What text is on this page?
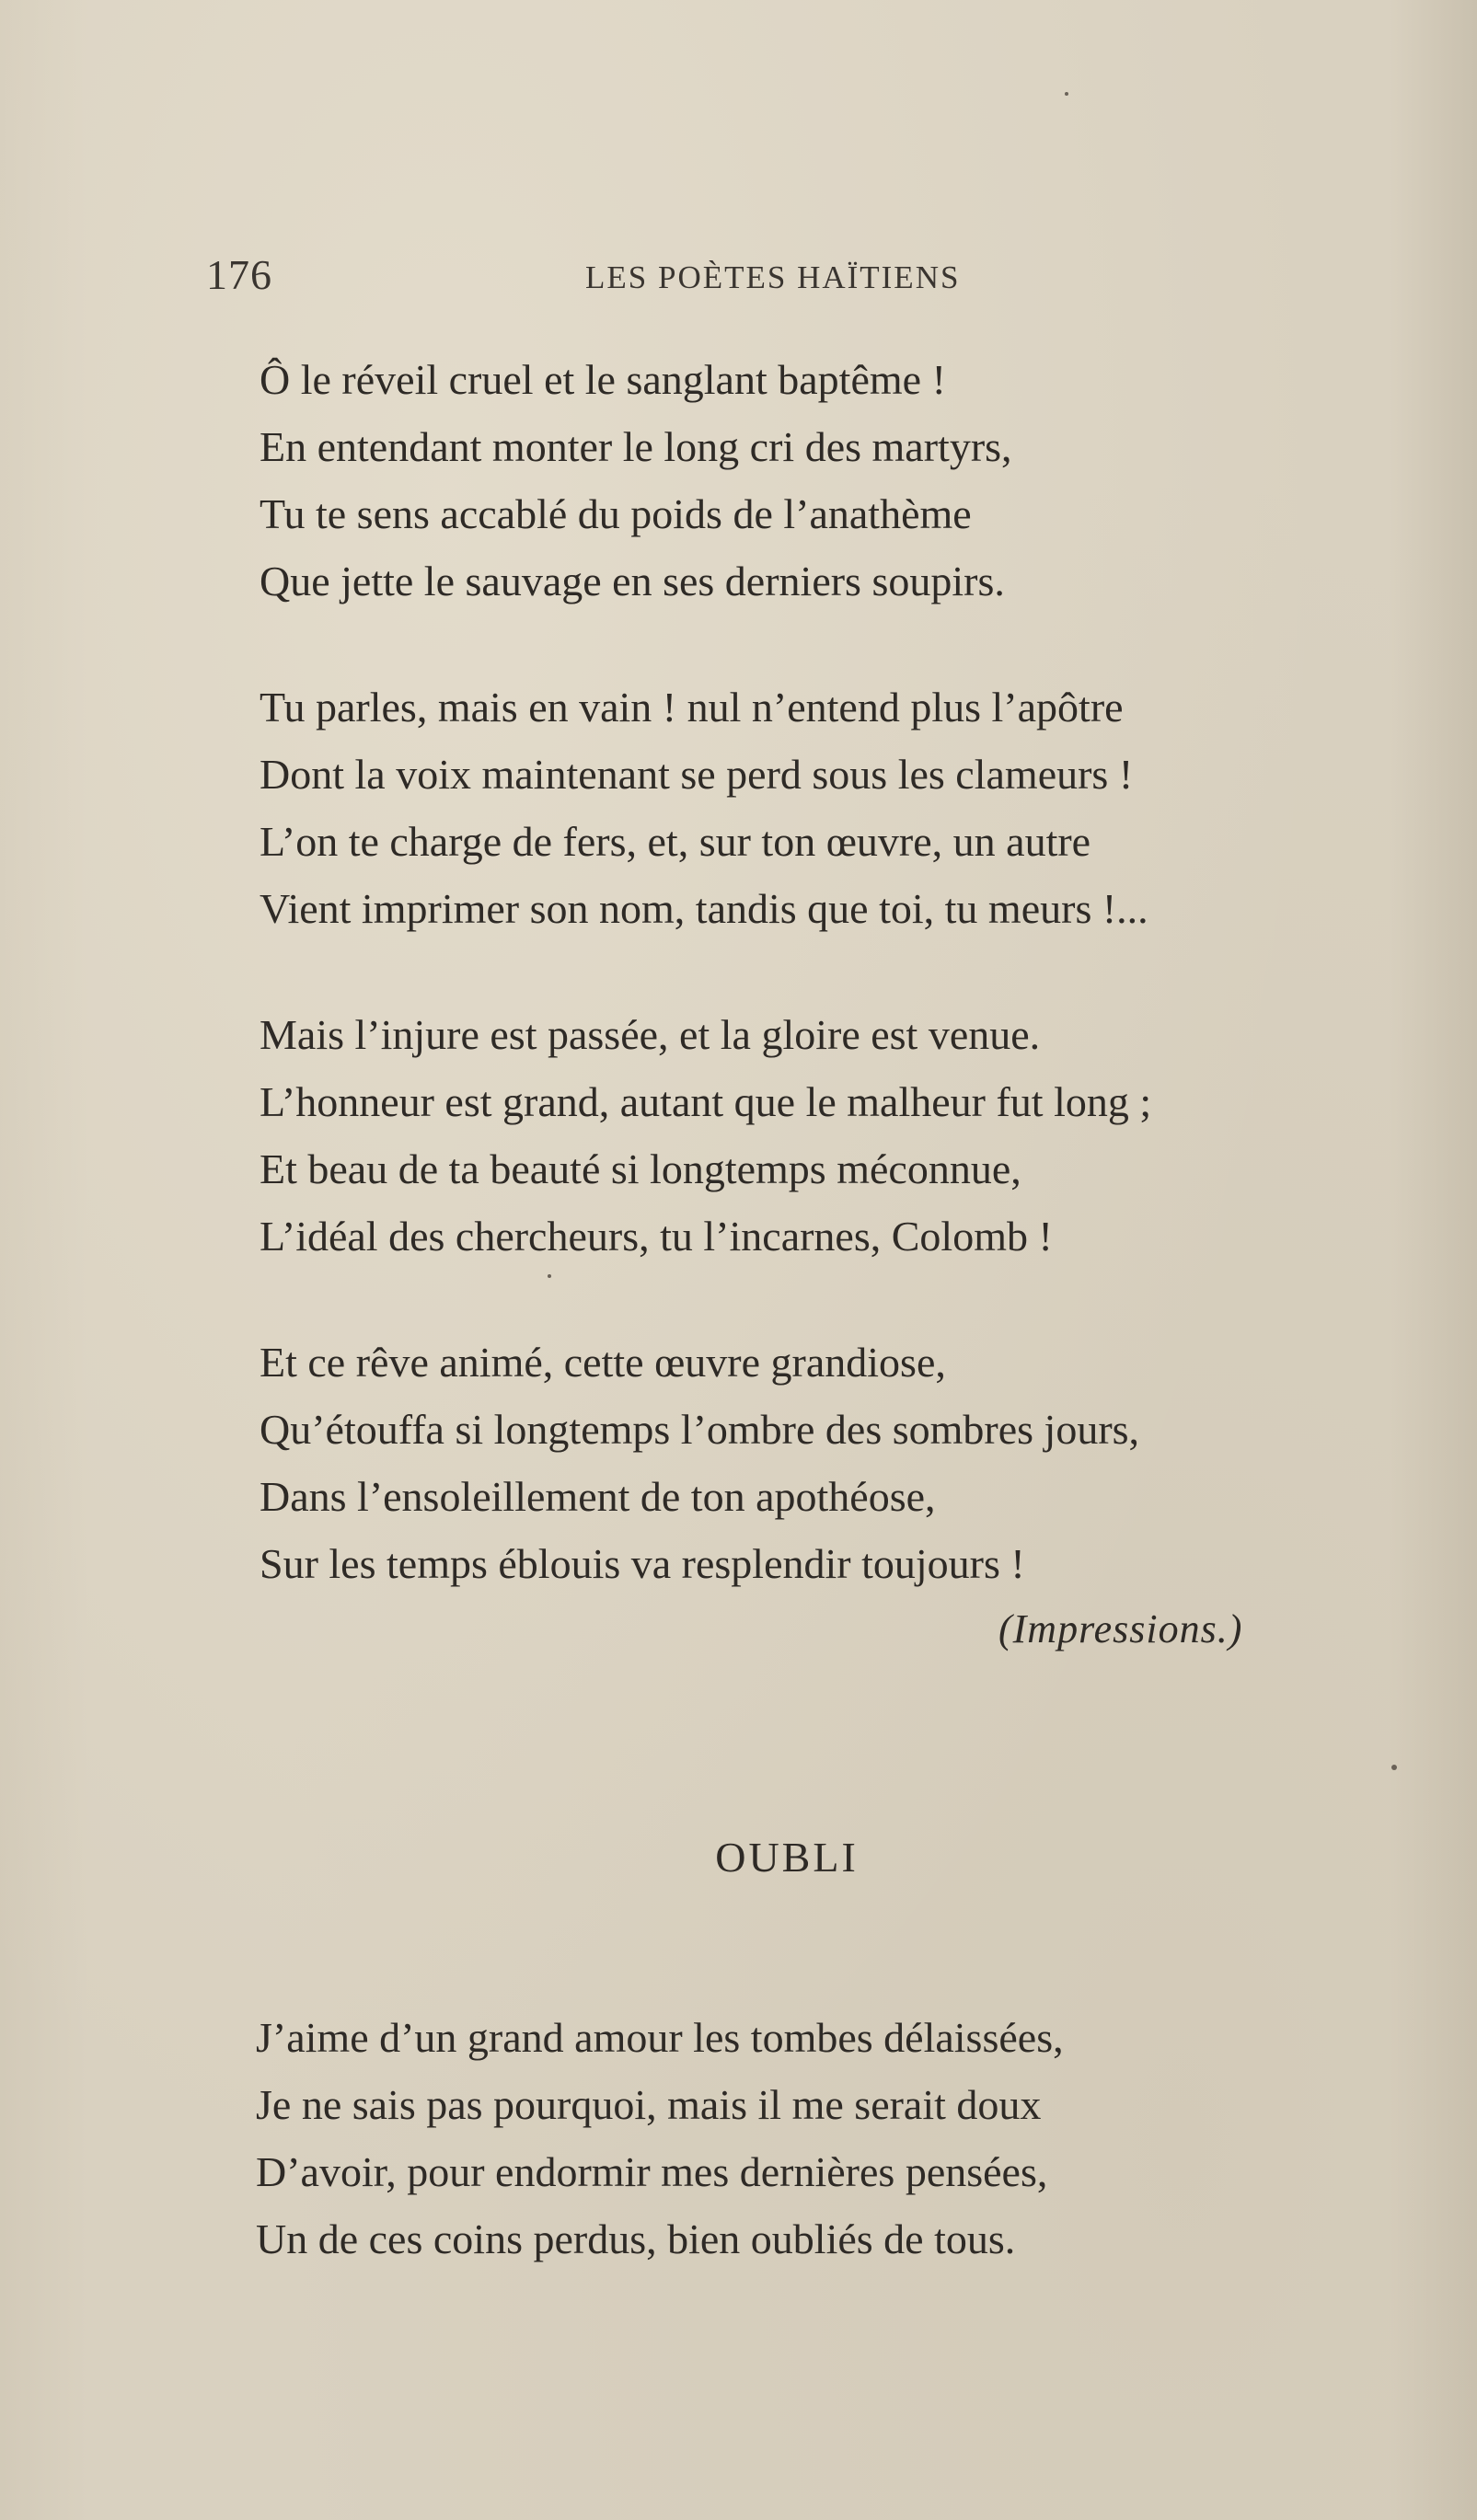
176	LES POÈTES HAÏTIENS
Ô le réveil cruel et le sanglant baptême !
En entendant monter le long cri des martyrs,
Tu te sens accablé du poids de l’anathème
Que jette le sauvage en ses derniers soupirs.
Tu parles, mais en vain ! nul n’entend plus l’apôtre
Dont la voix maintenant se perd sous les clameurs !
L’on te charge de fers, et, sur ton œuvre, un autre
Vient imprimer son nom, tandis que toi, tu meurs !...
Mais l’injure est passée, et la gloire est venue.
L’honneur est grand, autant que le malheur fut long ;
Et beau de ta beauté si longtemps méconnue,
L’idéal des chercheurs, tu l’incarnes, Colomb !
Et ce rêve animé, cette œuvre grandiose,
Qu’étouffa si longtemps l’ombre des sombres jours,
Dans l’ensoleillement de ton apothéose,
Sur les temps éblouis va resplendir toujours !
(Impressions.)
OUBLI
J’aime d’un grand amour les tombes délaissées,
Je ne sais pas pourquoi, mais il me serait doux
D’avoir, pour endormir mes dernières pensées,
Un de ces coins perdus, bien oubliés de tous.
